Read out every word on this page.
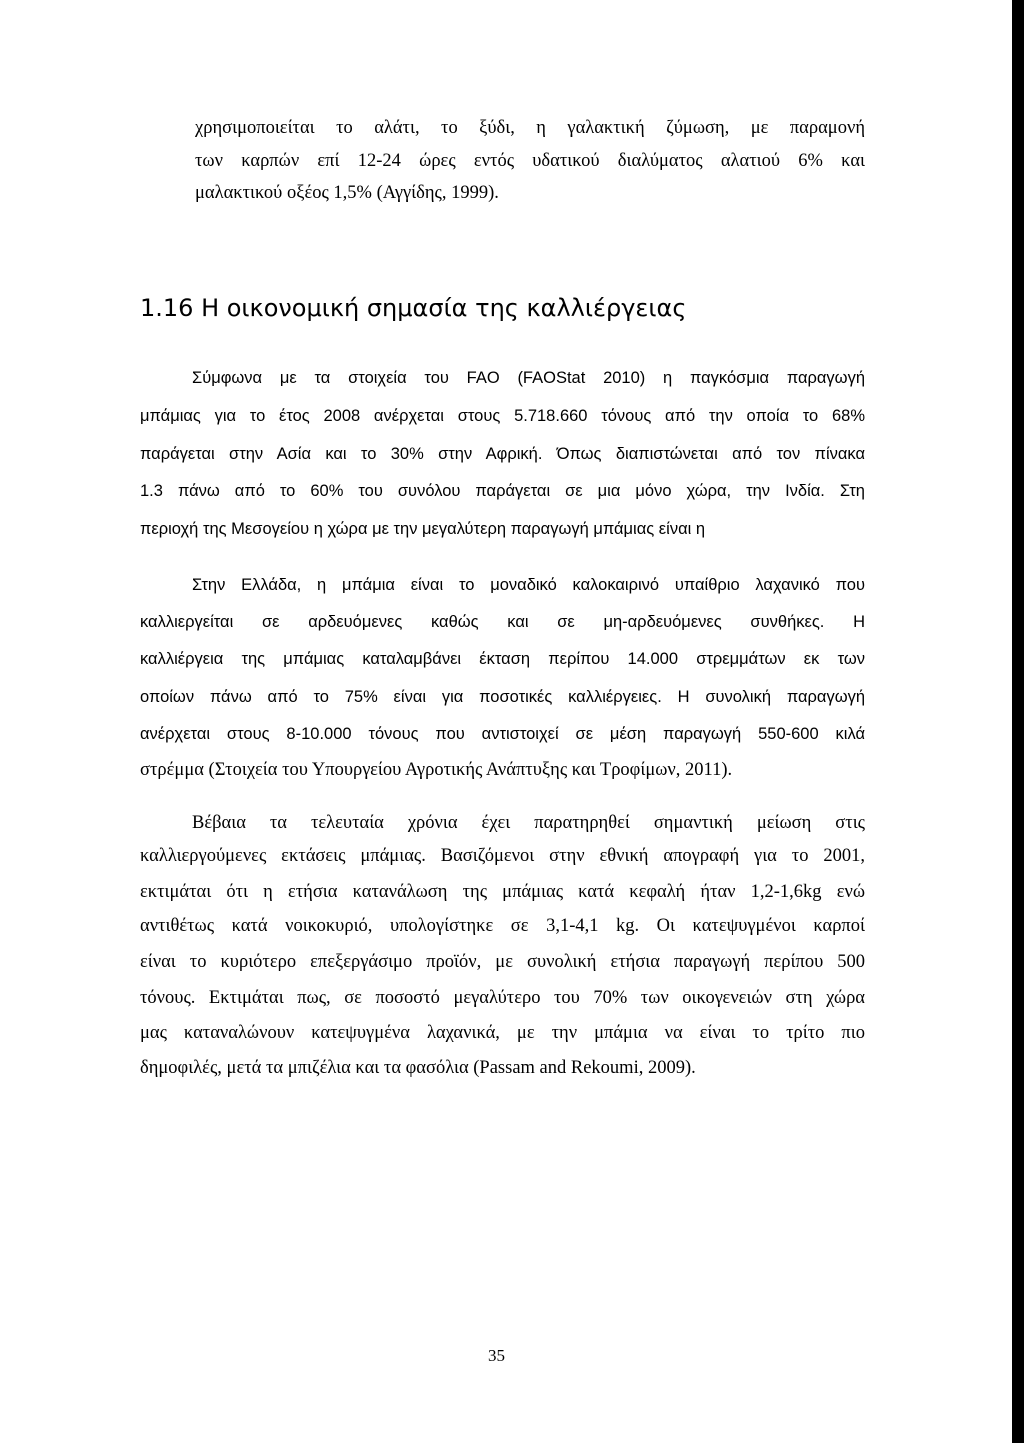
χρησιμοποιείται το αλάτι, το ξύδι, η γαλακτική ζύμωση, με παραμονή
των καρπών επί 12-24 ώρες εντός υδατικού διαλύματος αλατιού 6% και
μαλακτικού οξέος 1,5% (Αγγίδης, 1999).
1.16 Η οικονομική σημασία της καλλιέργειας
Σύμφωνα με τα στοιχεία του FAO (FAOStat 2010) η παγκόσμια παραγωγή
μπάμιας για το έτος 2008 ανέρχεται στους 5.718.660 τόνους από την οποία το 68%
παράγεται στην Ασία και το 30% στην Αφρική. Όπως διαπιστώνεται από τον πίνακα
1.3 πάνω από το 60% του συνόλου παράγεται σε μια μόνο χώρα, την Ινδία. Στη
περιοχή της Μεσογείου η χώρα με την μεγαλύτερη παραγωγή μπάμιας είναι η
Στην Ελλάδα, η μπάμια είναι το μοναδικό καλοκαιρινό υπαίθριο λαχανικό που
καλλιεργείται σε αρδευόμενες καθώς και σε μη-αρδευόμενες συνθήκες. Η
καλλιέργεια της μπάμιας καταλαμβάνει έκταση περίπου 14.000 στρεμμάτων εκ των
οποίων πάνω από το 75% είναι για ποσοτικές καλλιέργειες. Η συνολική παραγωγή
ανέρχεται στους 8-10.000 τόνους που αντιστοιχεί σε μέση παραγωγή 550-600 κιλά
στρέμμα (Στοιχεία του Υπουργείου Αγροτικής Ανάπτυξης και Τροφίμων, 2011).
Βέβαια τα τελευταία χρόνια έχει παρατηρηθεί σημαντική μείωση στις
καλλιεργούμενες εκτάσεις μπάμιας. Βασιζόμενοι στην εθνική απογραφή για το 2001,
εκτιμάται ότι η ετήσια κατανάλωση της μπάμιας κατά κεφαλή ήταν 1,2-1,6kg ενώ
αντιθέτως κατά νοικοκυριό, υπολογίστηκε σε 3,1-4,1 kg. Οι κατεψυγμένοι καρποί
είναι το κυριότερο επεξεργάσιμο προϊόν, με συνολική ετήσια παραγωγή περίπου 500
τόνους. Εκτιμάται πως, σε ποσοστό μεγαλύτερο του 70% των οικογενειών στη χώρα
μας καταναλώνουν κατεψυγμένα λαχανικά, με την μπάμια να είναι το τρίτο πιο
δημοφιλές, μετά τα μπιζέλια και τα φασόλια (Passam and Rekoumi, 2009).
35
